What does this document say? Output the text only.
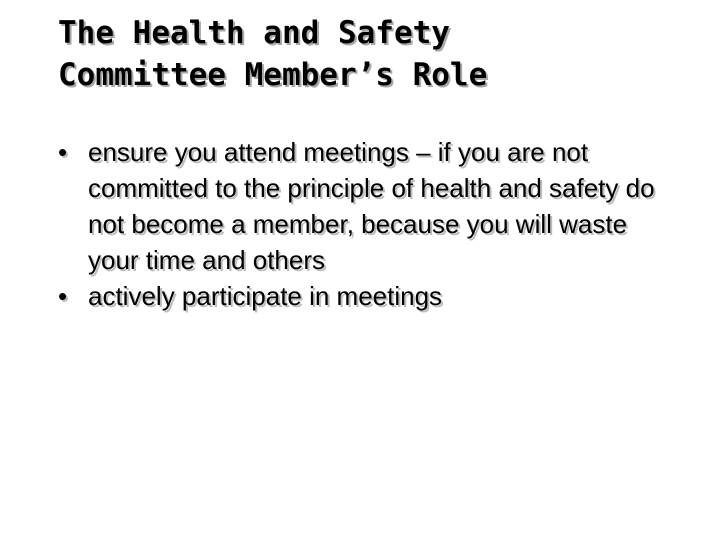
The Health and Safety
Committee Member’s Role
• ensure you attend meetings – if you are not committed to the principle of health and safety do not become a member, because you will waste your time and others
• actively participate in meetings
